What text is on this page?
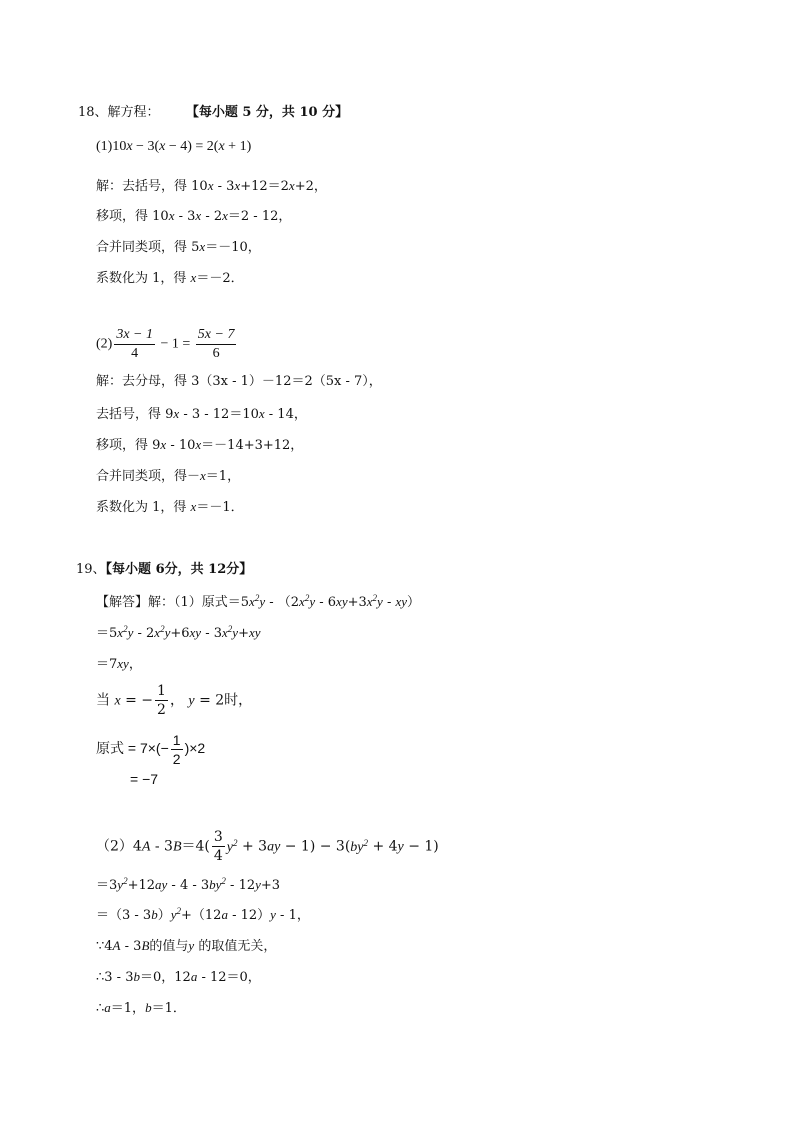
18、解方程： 【每小题 5 分，共 10 分】
(1)10x − 3(x − 4) = 2(x + 1)
解：去括号，得 10x - 3x+12＝2x+2，
移项，得 10x - 3x - 2x＝2 - 12，
合并同类项，得 5x＝－10，
系数化为 1，得 x＝－2．
$(2) \frac{3x - 1}{4} - 1 = \frac{5x - 7}{6}$
解：去分母，得 3（3x - 1）－12＝2（5x - 7），
去括号，得 9x - 3 - 12＝10x - 14，
移项，得 9x - 10x＝－14+3+12，
合并同类项，得－x＝1，
系数化为 1，得 x＝－1．
19、【每小题 6分，共 12分】
【解答】解：（1）原式$=5x^2y - (2x^2y - 6xy+3x^2y - xy)$
$=5x^2y - 2x^2y+6xy - 3x^2y+xy$
＝7xy，
当 x = − $\frac{1}{2}$ ， y = 2时，
原式 = $7\times(- \frac{1}{2} )\times 2$
= −7
$(2)4A - 3B=4( \frac{3}{4} y^2 + 3ay - 1) - 3(by^2 + 4y - 1)$
$=3y^2+12ay - 4 - 3by^2 - 12y+3$
$=(3 - 3b)y^2+(12a - 12)y - 1$，
∵4A - 3B的值与y 的取值无关，
∴3 - 3b＝0，12a - 12＝0，
∴a＝1，b＝1．
